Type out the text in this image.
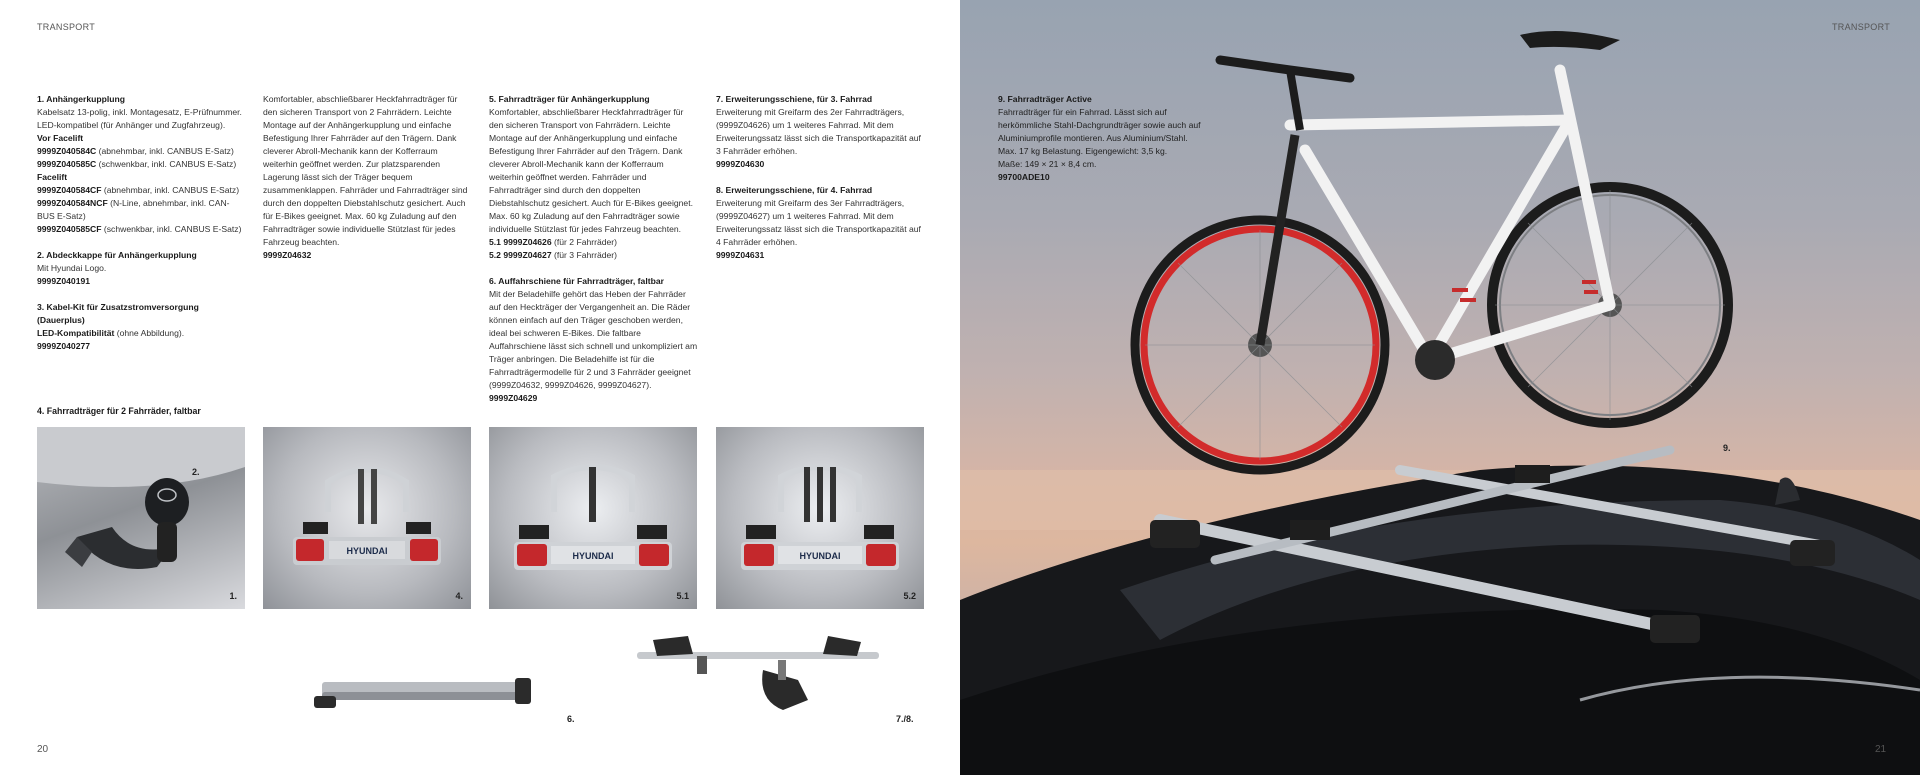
TRANSPORT

1. Anhängerkupplung

Kabelsatz 13-polig, inkl. Montagesatz, E-Prüfnummer. LED-kompatibel (für Anhänger und Zugfahrzeug).

Vor Facelift

9999Z040584C (abnehmbar, inkl. CANBUS E-Satz)

9999Z040585C (schwenkbar, inkl. CANBUS E-Satz)

Facelift

9999Z040584CF (abnehmbar, inkl. CANBUS E-Satz)

9999Z040584NCF (N-Line, abnehmbar, inkl. CAN-BUS E-Satz)

9999Z040585CF (schwenkbar, inkl. CANBUS E-Satz)

2. Abdeckkappe für Anhängerkupplung

Mit Hyundai Logo.

9999Z040191

3. Kabel-Kit für Zusatzstromversorgung (Dauerplus)

LED-Kompatibilität (ohne Abbildung).

9999Z040277

Komfortabler, abschließbarer Heckfahrradträger für den sicheren Transport von 2 Fahrrädern. Leichte Montage auf der Anhängerkupplung und einfache Befestigung Ihrer Fahrräder auf den Trägern. Dank cleverer Abroll-Mechanik kann der Kofferraum weiterhin geöffnet werden. Zur platzsparenden Lagerung lässt sich der Träger bequem zusammenklappen. Fahrräder und Fahrradträger sind durch den doppelten Diebstahlschutz gesichert. Auch für E-Bikes geeignet. Max. 60 kg Zuladung auf den Fahrradträger sowie individuelle Stützlast für jedes Fahrzeug beachten.

9999Z04632

5. Fahrradträger für Anhängerkupplung

Komfortabler, abschließbarer Heckfahrradträger für den sicheren Transport von Fahrrädern. Leichte Montage auf der Anhängerkupplung und einfache Befestigung Ihrer Fahrräder auf den Trägern. Dank cleverer Abroll-Mechanik kann der Kofferraum weiterhin geöffnet werden. Fahrräder und Fahrradträger sind durch den doppelten Diebstahlschutz gesichert. Auch für E-Bikes geeignet. Max. 60 kg Zuladung auf den Fahrradträger sowie individuelle Stützlast für jedes Fahrzeug beachten.

5.1 9999Z04626 (für 2 Fahrräder)

5.2 9999Z04627 (für 3 Fahrräder)

6. Auffahrschiene für Fahrradträger, faltbar

Mit der Beladehilfe gehört das Heben der Fahrräder auf den Heckträger der Vergangenheit an. Die Räder können einfach auf den Träger geschoben werden, ideal bei schweren E-Bikes. Die faltbare Auffahrschiene lässt sich schnell und unkompliziert am Träger anbringen. Die Beladehilfe ist für die Fahrradträgermodelle für 2 und 3 Fahrräder geeignet (9999Z04632, 9999Z04626, 9999Z04627).

9999Z04629

7. Erweiterungsschiene, für 3. Fahrrad

Erweiterung mit Greifarm des 2er Fahrradträgers, (9999Z04626) um 1 weiteres Fahrrad. Mit dem Erweiterungssatz lässt sich die Transportkapazität auf 3 Fahrräder erhöhen.

9999Z04630

8. Erweiterungsschiene, für 4. Fahrrad

Erweiterung mit Greifarm des 3er Fahrradträgers, (9999Z04627) um 1 weiteres Fahrrad. Mit dem Erweiterungssatz lässt sich die Transportkapazität auf 4 Fahrräder erhöhen.

9999Z04631

4. Fahrradträger für 2 Fahrräder, faltbar
2.
1.
HYUNDAI
4.
HYUNDAI
5.1
HYUNDAI
5.2
6.	7./8.
20
TRANSPORT
21

9. Fahrradträger Active

Fahrradträger für ein Fahrrad. Lässt sich auf herkömmliche Stahl-Dachgrundträger sowie auch auf Aluminiumprofile montieren. Aus Aluminium/Stahl. Max. 17 kg Belastung. Eigengewicht: 3,5 kg.

Maße: 149 × 21 × 8,4 cm.

99700ADE10

9.
